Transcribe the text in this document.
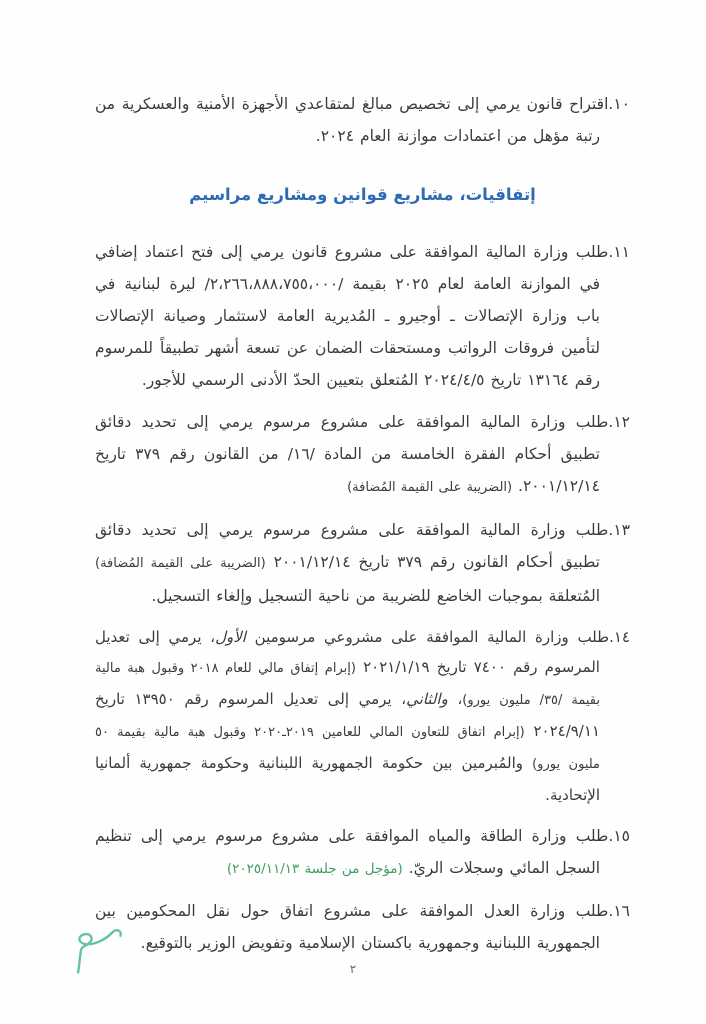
١٠.اقتراح قانون يرمي إلى تخصيص مبالغ لمتقاعدي الأجهزة الأمنية والعسكرية من رتبة مؤهل من اعتمادات موازنة العام ٢٠٢٤.
إتفاقيات، مشاريع قوانين ومشاريع مراسيم
١١.طلب وزارة المالية الموافقة على مشروع قانون يرمي إلى فتح اعتماد إضافي في الموازنة العامة لعام ٢٠٢٥ بقيمة /٢،٢٦٦،٨٨٨،٧٥٥،٠٠٠/ ليرة لبنانية في باب وزارة الإتصالات ـ أوجيرو ـ المُديرية العامة لاستثمار وصيانة الإتصالات لتأمين فروقات الرواتب ومستحقات الضمان عن تسعة أشهر تطبيقاً للمرسوم رقم ١٣١٦٤ تاريخ ٢٠٢٤/٤/٥ المُتعلق بتعيين الحدّ الأدنى الرسمي للأجور.
١٢.طلب وزارة المالية الموافقة على مشروع مرسوم يرمي إلى تحديد دقائق تطبيق أحكام الفقرة الخامسة من المادة /١٦/ من القانون رقم ٣٧٩ تاريخ ٢٠٠١/١٢/١٤. (الضريبة على القيمة المُضافة)
١٣.طلب وزارة المالية الموافقة على مشروع مرسوم يرمي إلى تحديد دقائق تطبيق أحكام القانون رقم ٣٧٩ تاريخ ٢٠٠١/١٢/١٤ (الضريبة على القيمة المُضافة) المُتعلقة بموجبات الخاضع للضريبة من ناحية التسجيل وإلغاء التسجيل.
١٤.طلب وزارة المالية الموافقة على مشروعي مرسومين الأول، يرمي إلى تعديل المرسوم رقم ٧٤٠٠ تاريخ ٢٠٢١/١/١٩ (إبرام إتفاق مالي للعام ٢٠١٨ وقبول هبة مالية بقيمة /٣٥/ مليون يورو)، والثاني، يرمي إلى تعديل المرسوم رقم ١٣٩٥٠ تاريخ ٢٠٢٤/٩/١١ (إبرام اتفاق للتعاون المالي للعامين ٢٠١٩ـ٢٠٢٠ وقبول هبة مالية بقيمة ٥٠ مليون يورو) والمُبرمين بين حكومة الجمهورية اللبنانية وحكومة جمهورية ألمانيا الإتحادية.
١٥.طلب وزارة الطاقة والمياه الموافقة على مشروع مرسوم يرمي إلى تنظيم السجل المائي وسجلات الريّ. (مؤجل من جلسة ٢٠٢٥/١١/١٣)
١٦.طلب وزارة العدل الموافقة على مشروع اتفاق حول نقل المحكومين بين الجمهورية اللبنانية وجمهورية باكستان الإسلامية وتفويض الوزير بالتوقيع.
٢
